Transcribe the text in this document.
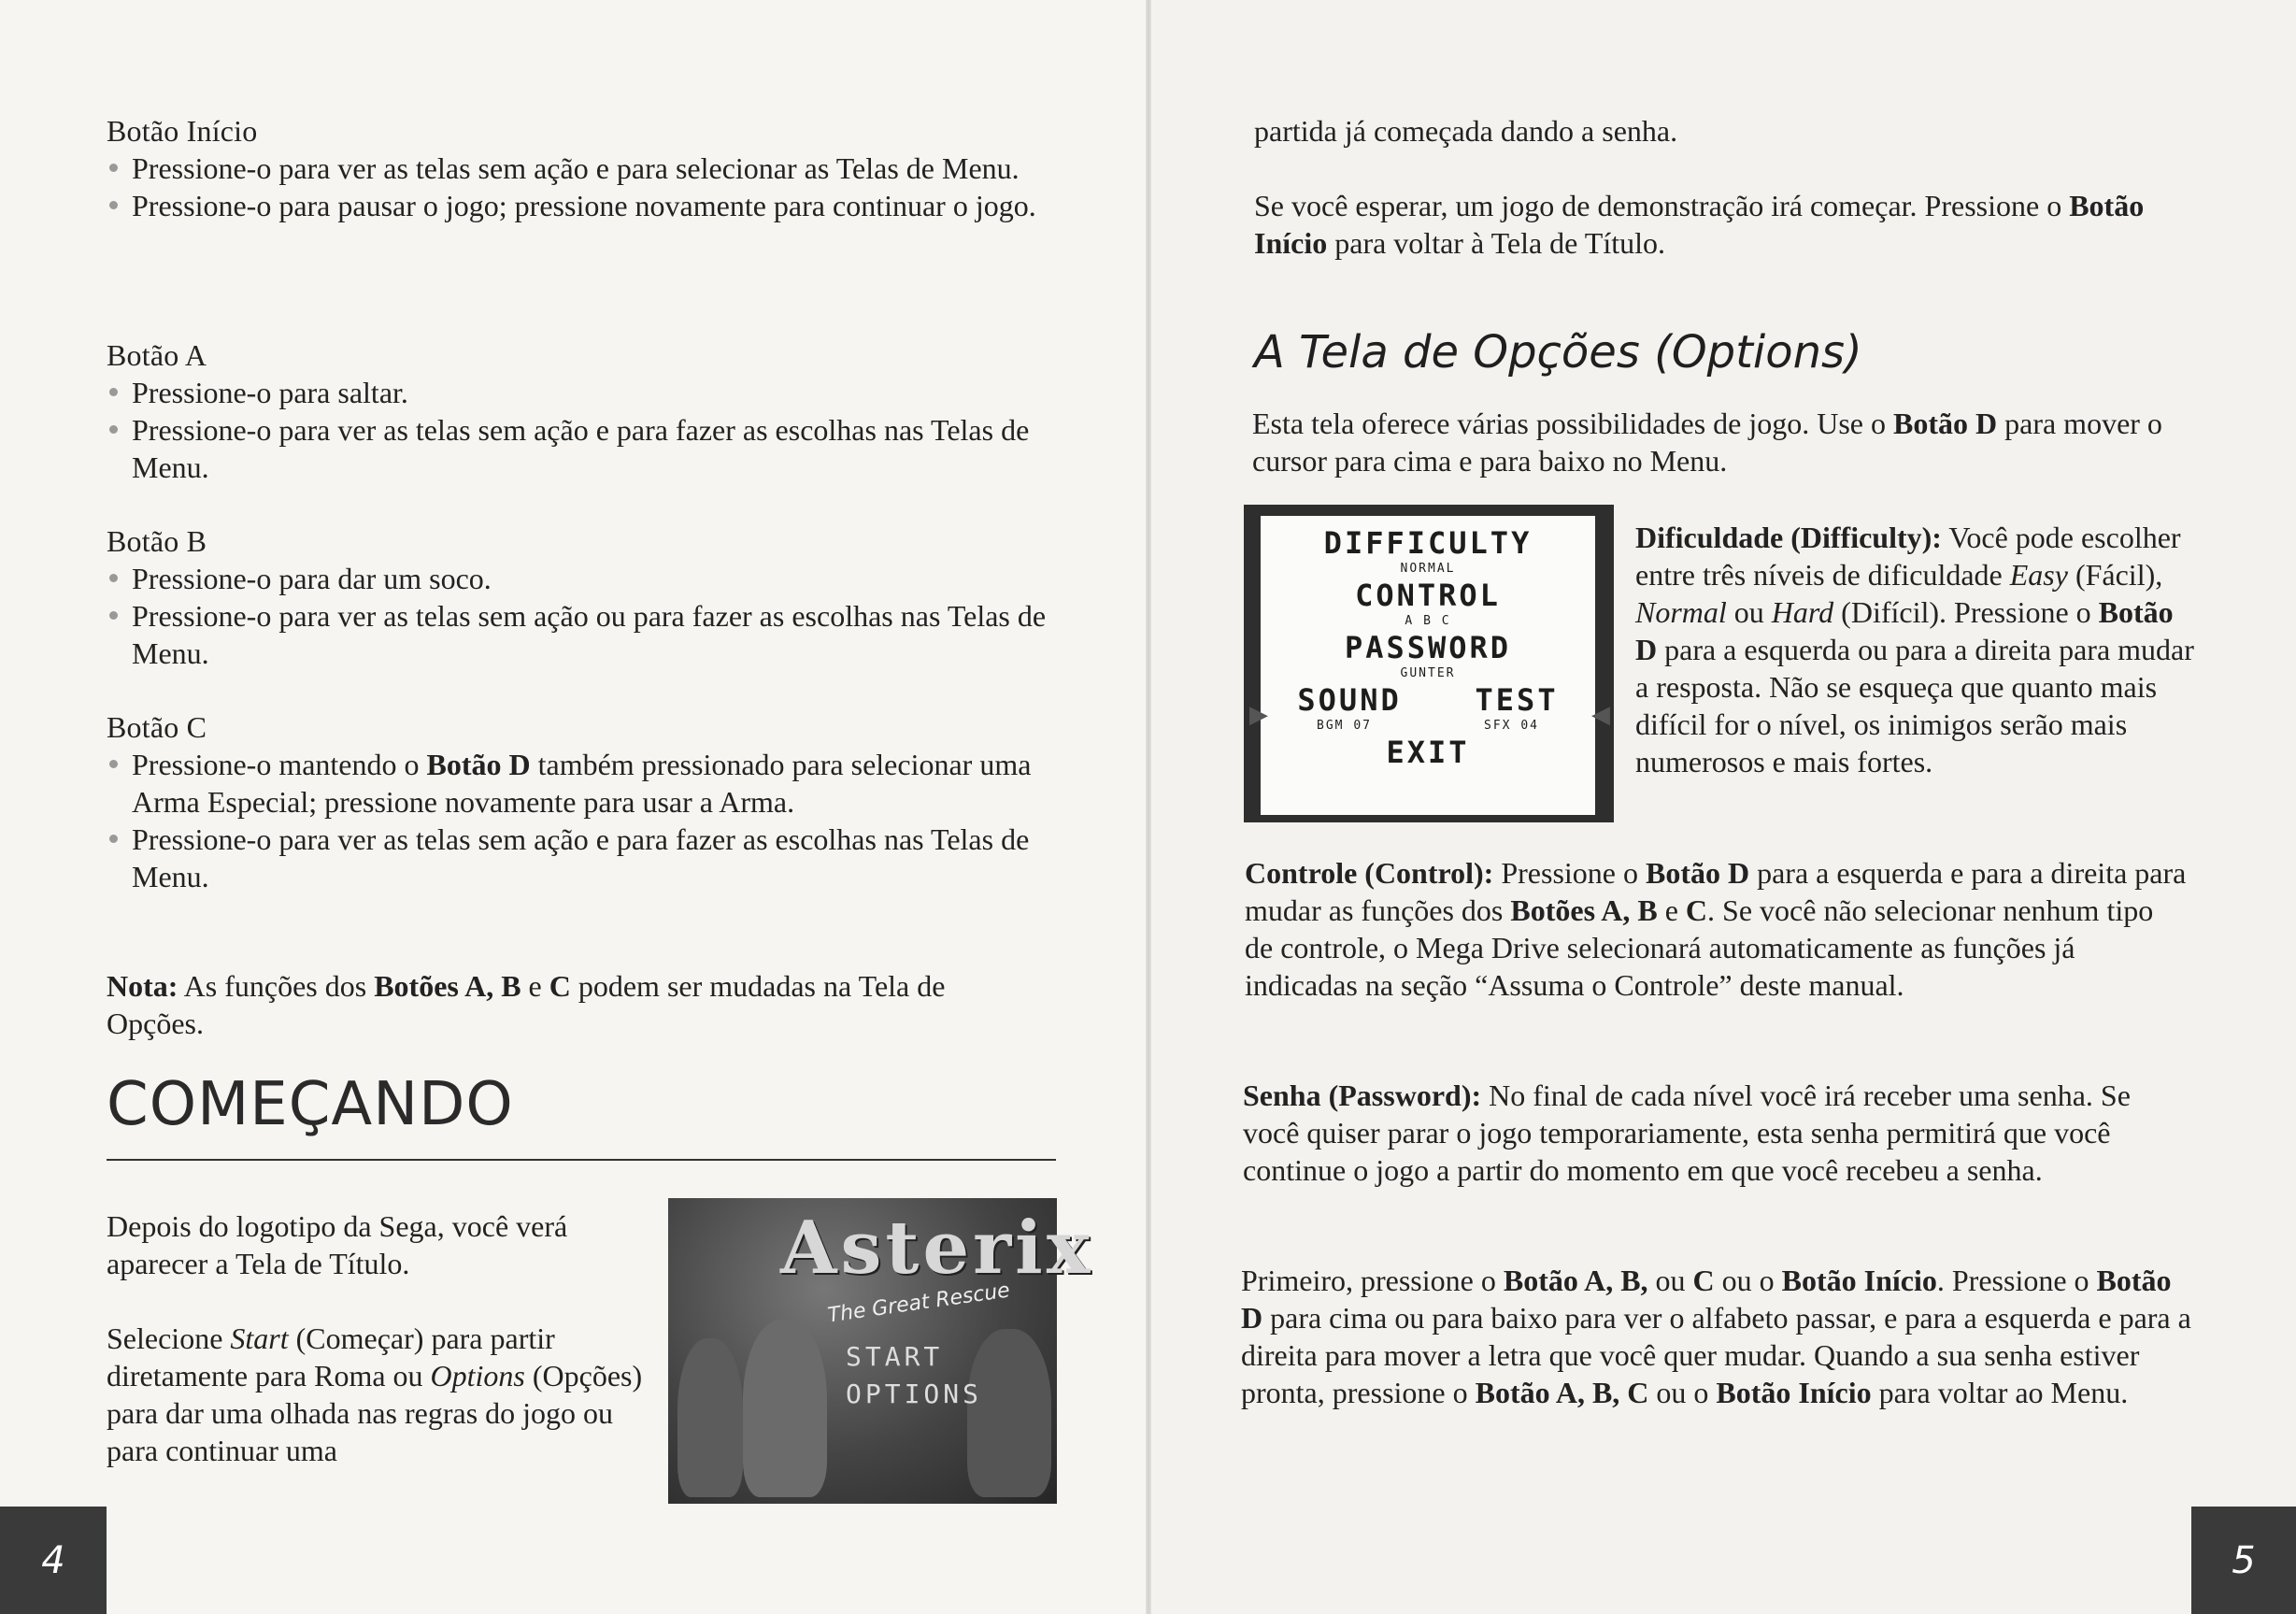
Botão Início
Pressione-o para ver as telas sem ação e para selecionar as Telas de Menu.
Pressione-o para pausar o jogo; pressione novamente para continuar o jogo.
Botão A
Pressione-o para saltar.
Pressione-o para ver as telas sem ação e para fazer as escolhas nas Telas de Menu.
Botão B
Pressione-o para dar um soco.
Pressione-o para ver as telas sem ação ou para fazer as escolhas nas Telas de Menu.
Botão C
Pressione-o mantendo o Botão D também pressionado para selecionar uma Arma Especial; pressione novamente para usar a Arma.
Pressione-o para ver as telas sem ação e para fazer as escolhas nas Telas de Menu.
Nota: As funções dos Botões A, B e C podem ser mudadas na Tela de Opções.
COMEÇANDO
Depois do logotipo da Sega, você verá aparecer a Tela de Título.
Selecione Start (Começar) para partir diretamente para Roma ou Options (Opções) para dar uma olhada nas regras do jogo ou para continuar uma
Asterix
The Great Rescue
START
OPTIONS
4
partida já começada dando a senha.
Se você esperar, um jogo de demonstração irá começar. Pressione o Botão Início para voltar à Tela de Título.
A Tela de Opções (Options)
Esta tela oferece várias possibilidades de jogo. Use o Botão D para mover o cursor para cima e para baixo no Menu.
DIFFICULTY
NORMAL
CONTROL
A B C
PASSWORD
GUNTER
SOUND TEST
BGM 07	SFX 04
EXIT
▶	◀
Dificuldade (Difficulty): Você pode escolher entre três níveis de dificuldade Easy (Fácil), Normal ou Hard (Difícil). Pressione o Botão D para a esquerda ou para a direita para mudar a resposta. Não se esqueça que quanto mais difícil for o nível, os inimigos serão mais numerosos e mais fortes.
Controle (Control): Pressione o Botão D para a esquerda e para a direita para mudar as funções dos Botões A, B e C. Se você não selecionar nenhum tipo de controle, o Mega Drive selecionará automaticamente as funções já indicadas na seção “Assuma o Controle” deste manual.
Senha (Password): No final de cada nível você irá receber uma senha. Se você quiser parar o jogo temporariamente, esta senha permitirá que você continue o jogo a partir do momento em que você recebeu a senha.
Primeiro, pressione o Botão A, B, ou C ou o Botão Início. Pressione o Botão D para cima ou para baixo para ver o alfabeto passar, e para a esquerda e para a direita para mover a letra que você quer mudar. Quando a sua senha estiver pronta, pressione o Botão A, B, C ou o Botão Início para voltar ao Menu.
5
